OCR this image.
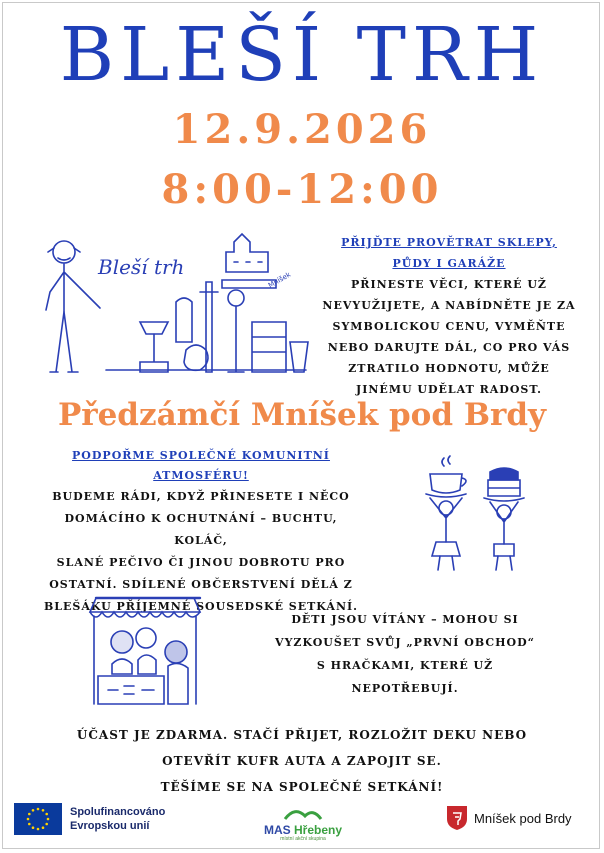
BLEŠÍ TRH
12.9.2026
8:00-12:00
Bleší trh
Mníšek
PŘIJĎTE PROVĚTRAT SKLEPY,
PŮDY I GARÁŽE
PŘINESTE VĚCI, KTERÉ UŽ
NEVYUŽIJETE, A NABÍDNĚTE JE ZA
SYMBOLICKOU CENU, VYMĚŇTE
NEBO DARUJTE DÁL, CO PRO VÁS
ZTRATILO HODNOTU, MŮŽE
JINÉMU UDĚLAT RADOST.
Předzámčí Mníšek pod Brdy
PODPOŘME SPOLEČNÉ KOMUNITNÍ
ATMOSFÉRU!
BUDEME RÁDI, KDYŽ PŘINESETE I NĚCO
DOMÁCÍHO K OCHUTNÁNÍ – BUCHTU, KOLÁČ,
SLANÉ PEČIVO ČI JINOU DOBROTU PRO
OSTATNÍ. SDÍLENÉ OBČERSTVENÍ DĚLÁ Z
BLEŠÁKU PŘÍJEMNÉ SOUSEDSKÉ SETKÁNÍ.
DĚTI JSOU VÍTÁNY – MOHOU SI
VYZKOUŠET SVŮJ „PRVNÍ OBCHOD“
S HRAČKAMI, KTERÉ UŽ
NEPOTŘEBUJÍ.
ÚČAST JE ZDARMA. STAČÍ PŘIJET, ROZLOŽIT DEKU NEBO
OTEVŘÍT KUFR AUTA A ZAPOJIT SE.
TĚŠÍME SE NA SPOLEČNÉ SETKÁNÍ!
Spolufinancováno
Evropskou unií	MAS Hřebeny
místní akční skupina
Mníšek pod Brdy
